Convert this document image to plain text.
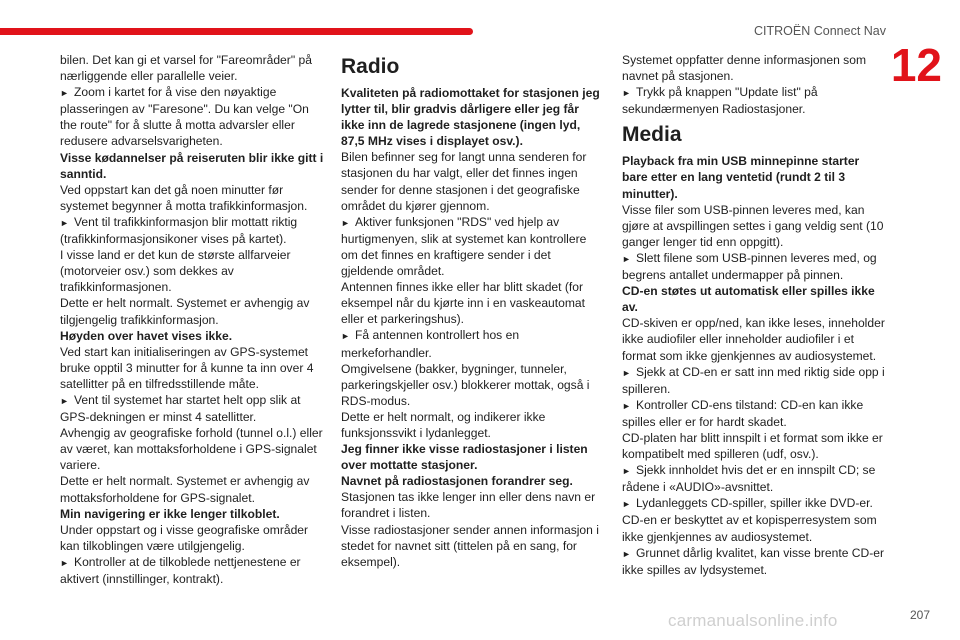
CITROËN Connect Nav
12

bilen. Det kan gi et varsel for "Fareområder" på nærliggende eller parallelle veier.

► Zoom i kartet for å vise den nøyaktige plasseringen av "Faresone". Du kan velge "On the route" for å slutte å motta advarsler eller redusere advarselsvarigheten.

Visse kødannelser på reiseruten blir ikke gitt i sanntid.

Ved oppstart kan det gå noen minutter før systemet begynner å motta trafikkinformasjon.

► Vent til trafikkinformasjon blir mottatt riktig (trafikkinformasjonsikoner vises på kartet).

I visse land er det kun de største allfarveier (motorveier osv.) som dekkes av trafikkinformasjonen.

Dette er helt normalt. Systemet er avhengig av tilgjengelig trafikkinformasjon.

Høyden over havet vises ikke.

Ved start kan initialiseringen av GPS-systemet bruke opptil 3 minutter for å kunne ta inn over 4 satellitter på en tilfredsstillende måte.

► Vent til systemet har startet helt opp slik at GPS-dekningen er minst 4 satellitter.

Avhengig av geografiske forhold (tunnel o.l.) eller av været, kan mottaksforholdene i GPS-signalet variere.

Dette er helt normalt. Systemet er avhengig av mottaksforholdene for GPS-signalet.

Min navigering er ikke lenger tilkoblet.

Under oppstart og i visse geografiske områder kan tilkoblingen være utilgjengelig.

► Kontroller at de tilkoblede nettjenestene er aktivert (innstillinger, kontrakt).

Radio

Kvaliteten på radiomottaket for stasjonen jeg lytter til, blir gradvis dårligere eller jeg får ikke inn de lagrede stasjonene (ingen lyd, 87,5 MHz vises i displayet osv.).

Bilen befinner seg for langt unna senderen for stasjonen du har valgt, eller det finnes ingen sender for denne stasjonen i det geografiske området du kjører gjennom.

► Aktiver funksjonen "RDS" ved hjelp av hurtigmenyen, slik at systemet kan kontrollere om det finnes en kraftigere sender i det gjeldende området.

Antennen finnes ikke eller har blitt skadet (for eksempel når du kjørte inn i en vaskeautomat eller et parkeringshus).

► Få antennen kontrollert hos en merkeforhandler.

Omgivelsene (bakker, bygninger, tunneler, parkeringskjeller osv.) blokkerer mottak, også i RDS-modus.

Dette er helt normalt, og indikerer ikke funksjonssvikt i lydanlegget.

Jeg finner ikke visse radiostasjoner i listen over mottatte stasjoner.

Navnet på radiostasjonen forandrer seg.

Stasjonen tas ikke lenger inn eller dens navn er forandret i listen.

Visse radiostasjoner sender annen informasjon i stedet for navnet sitt (tittelen på en sang, for eksempel).

Systemet oppfatter denne informasjonen som navnet på stasjonen.

► Trykk på knappen "Update list" på sekundærmenyen Radiostasjoner.

Media

Playback fra min USB minnepinne starter bare etter en lang ventetid (rundt 2 til 3 minutter).

Visse filer som USB-pinnen leveres med, kan gjøre at avspillingen settes i gang veldig sent (10 ganger lenger tid enn oppgitt).

► Slett filene som USB-pinnen leveres med, og begrens antallet undermapper på pinnen.

CD-en støtes ut automatisk eller spilles ikke av.

CD-skiven er opp/ned, kan ikke leses, inneholder ikke audiofiler eller inneholder audiofiler i et format som ikke gjenkjennes av audiosystemet.

► Sjekk at CD-en er satt inn med riktig side opp i spilleren.

► Kontroller CD-ens tilstand: CD-en kan ikke spilles eller er for hardt skadet.

CD-platen har blitt innspilt i et format som ikke er kompatibelt med spilleren (udf, osv.).

► Sjekk innholdet hvis det er en innspilt CD; se rådene i «AUDIO»-avsnittet.

► Lydanleggets CD-spiller, spiller ikke DVD-er.

CD-en er beskyttet av et kopisperresystem som ikke gjenkjennes av audiosystemet.

► Grunnet dårlig kvalitet, kan visse brente CD-er ikke spilles av lydsystemet.

carmanualsonline.info	207
